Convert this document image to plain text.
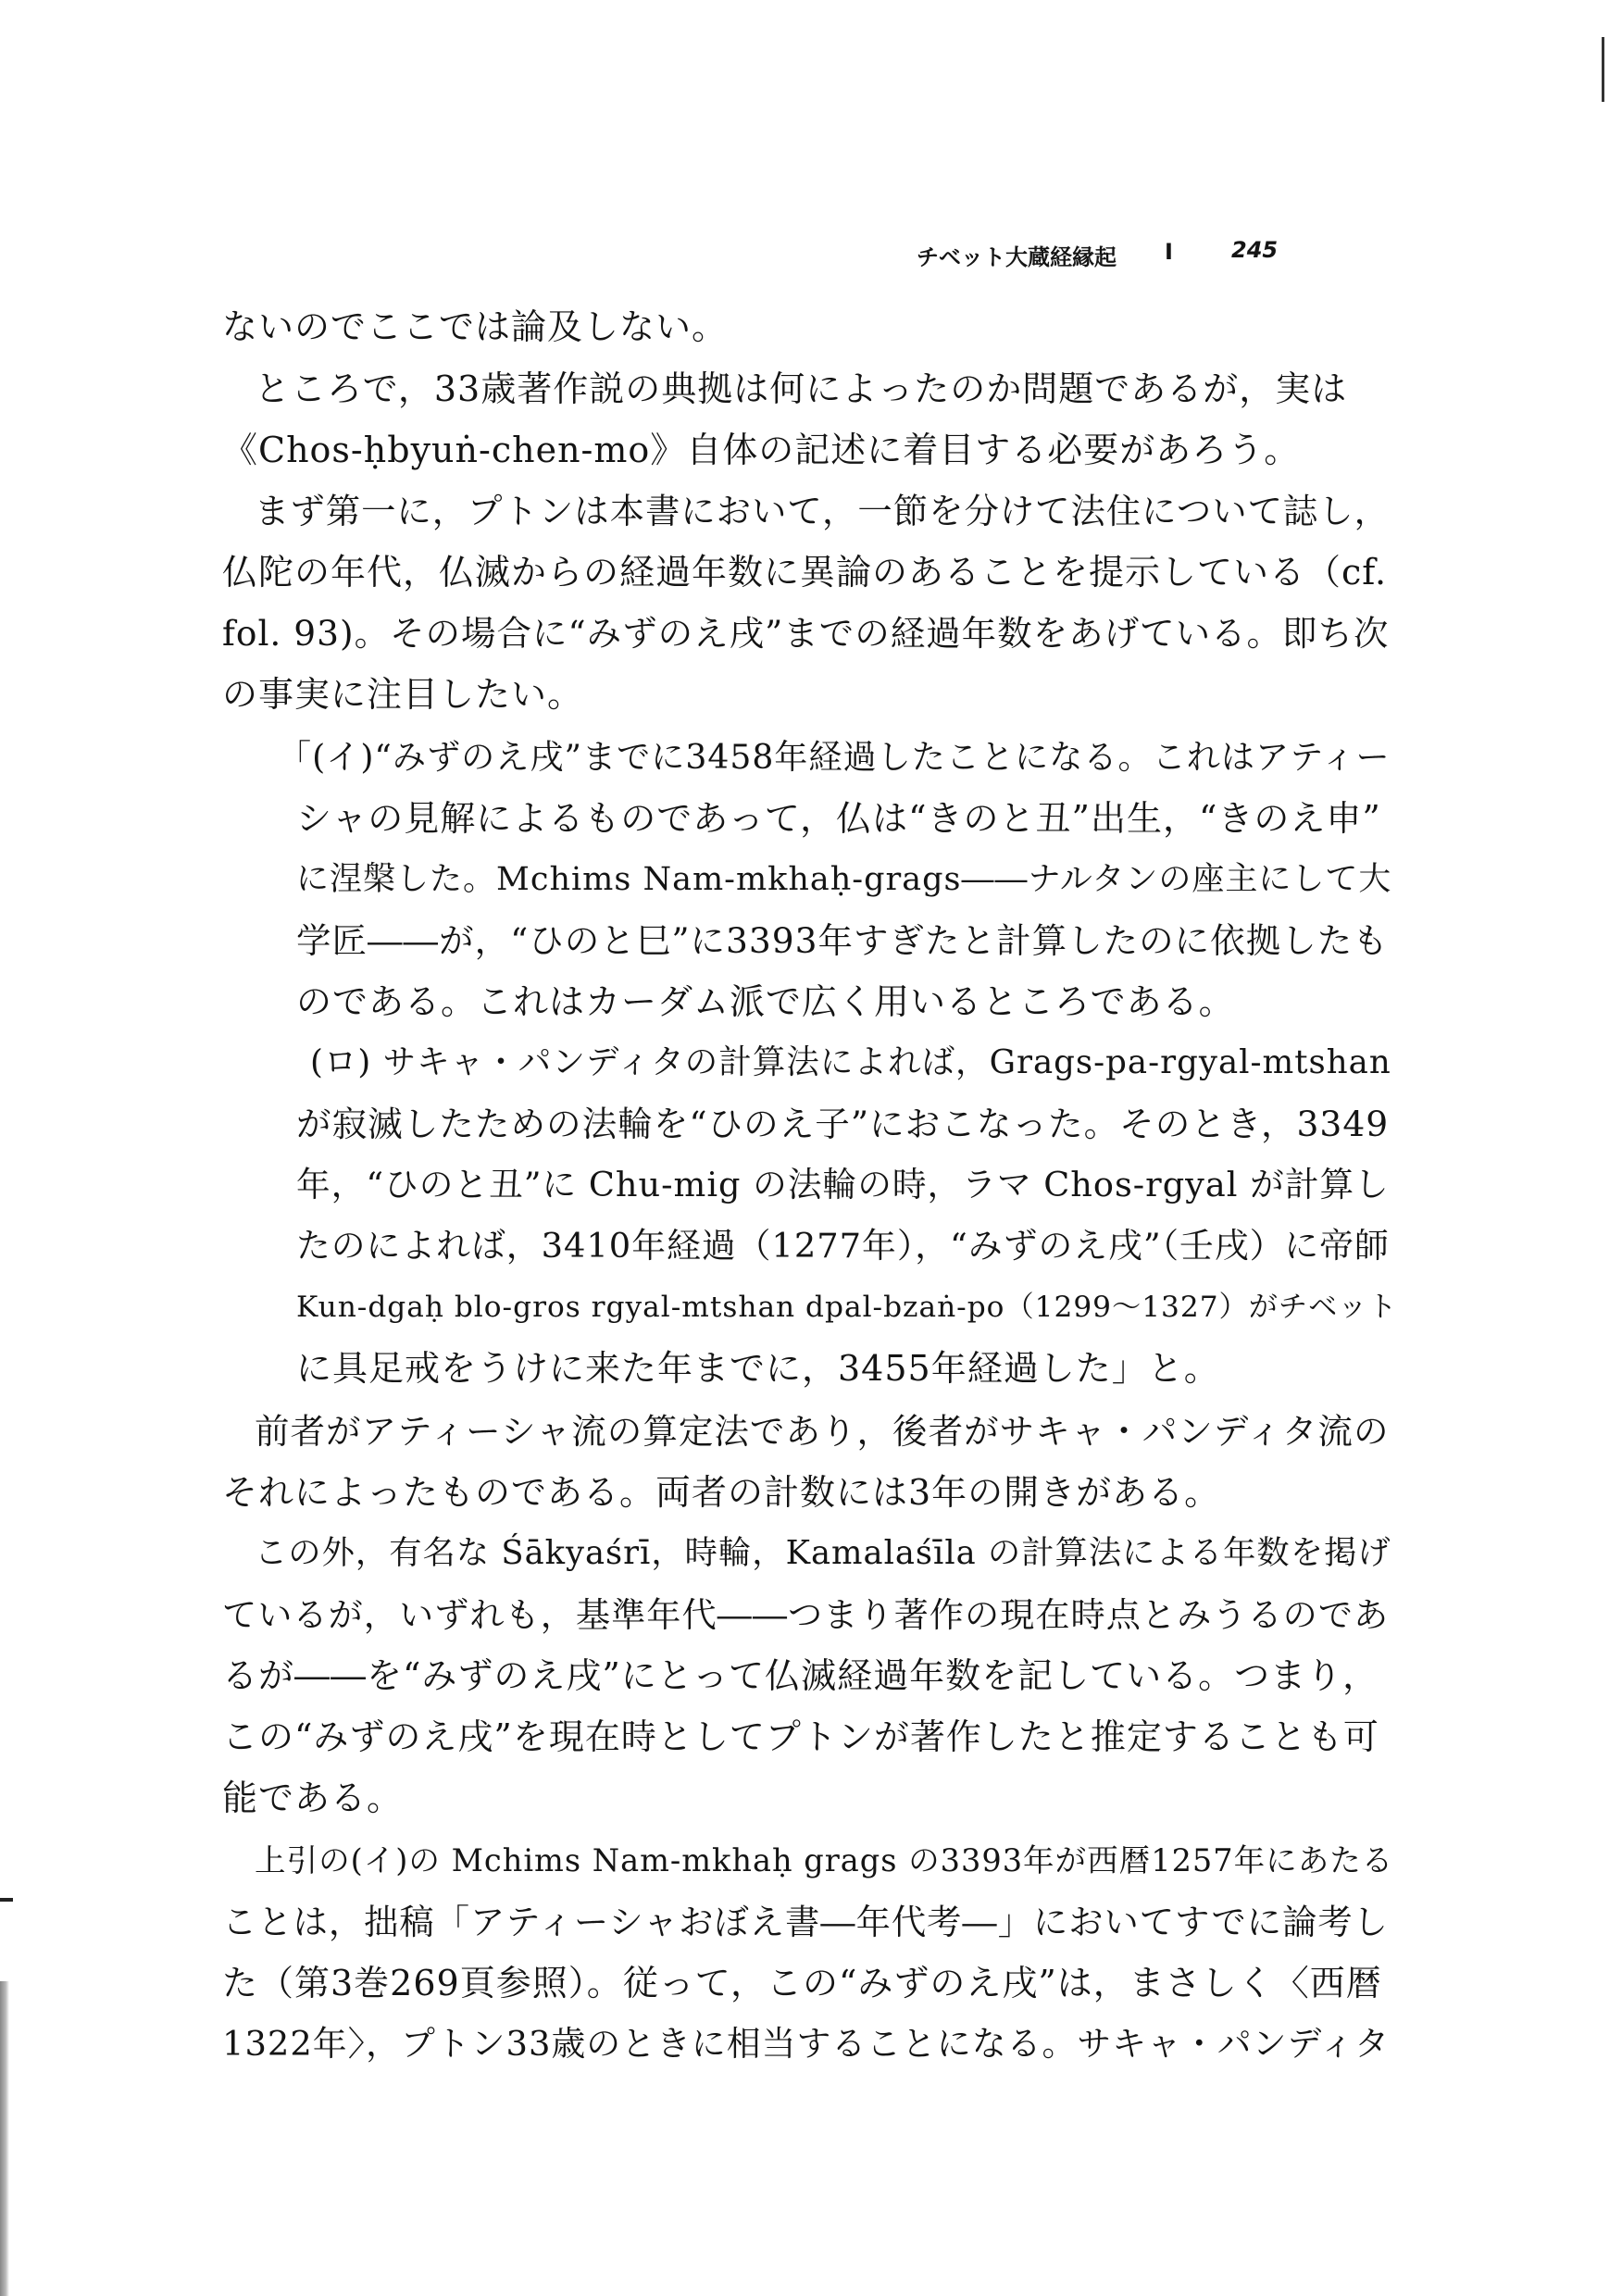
チベット大蔵経縁起 I	245
ないのでここでは論及しない。
ところで，33歳著作説の典拠は何によったのか問題であるが，実は
《Chos-ḥbyuṅ-chen-mo》自体の記述に着目する必要があろう。
まず第一に，プトンは本書において，一節を分けて法住について誌し，
仏陀の年代，仏滅からの経過年数に異論のあることを提示している（cf.
fol. 93)。その場合に“みずのえ戌”までの経過年数をあげている。即ち次
の事実に注目したい。
「(イ)“みずのえ戌”までに3458年経過したことになる。これはアティー
シャの見解によるものであって，仏は“きのと丑”出生，“きのえ申”
に涅槃した。Mchims Nam-mkhaḥ-grags――ナルタンの座主にして大
学匠――が，“ひのと巳”に3393年すぎたと計算したのに依拠したも
のである。これはカーダム派で広く用いるところである。
(ロ) サキャ・パンディタの計算法によれば，Grags-pa-rgyal-mtshan
が寂滅したための法輪を“ひのえ子”におこなった。そのとき，3349
年，“ひのと丑”に Chu-mig の法輪の時，ラマ Chos-rgyal が計算し
たのによれば，3410年経過（1277年），“みずのえ戌”（壬戌）に帝師
Kun-dgaḥ blo-gros rgyal-mtshan dpal-bzaṅ-po（1299～1327）がチベット
に具足戒をうけに来た年までに，3455年経過した」と。
前者がアティーシャ流の算定法であり，後者がサキャ・パンディタ流の
それによったものである。両者の計数には3年の開きがある。
この外，有名な Śākyaśrī，時輪，Kamalaśīla の計算法による年数を掲げ
ているが，いずれも，基準年代――つまり著作の現在時点とみうるのであ
るが――を“みずのえ戌”にとって仏滅経過年数を記している。つまり，
この“みずのえ戌”を現在時としてプトンが著作したと推定することも可
能である。
上引の(イ)の Mchims Nam-mkhaḥ grags の3393年が西暦1257年にあたる
ことは，拙稿「アティーシャおぼえ書―年代考―」においてすでに論考し
た（第3巻269頁参照）。従って，この“みずのえ戌”は，まさしく〈西暦
1322年〉，プトン33歳のときに相当することになる。サキャ・パンディタ
